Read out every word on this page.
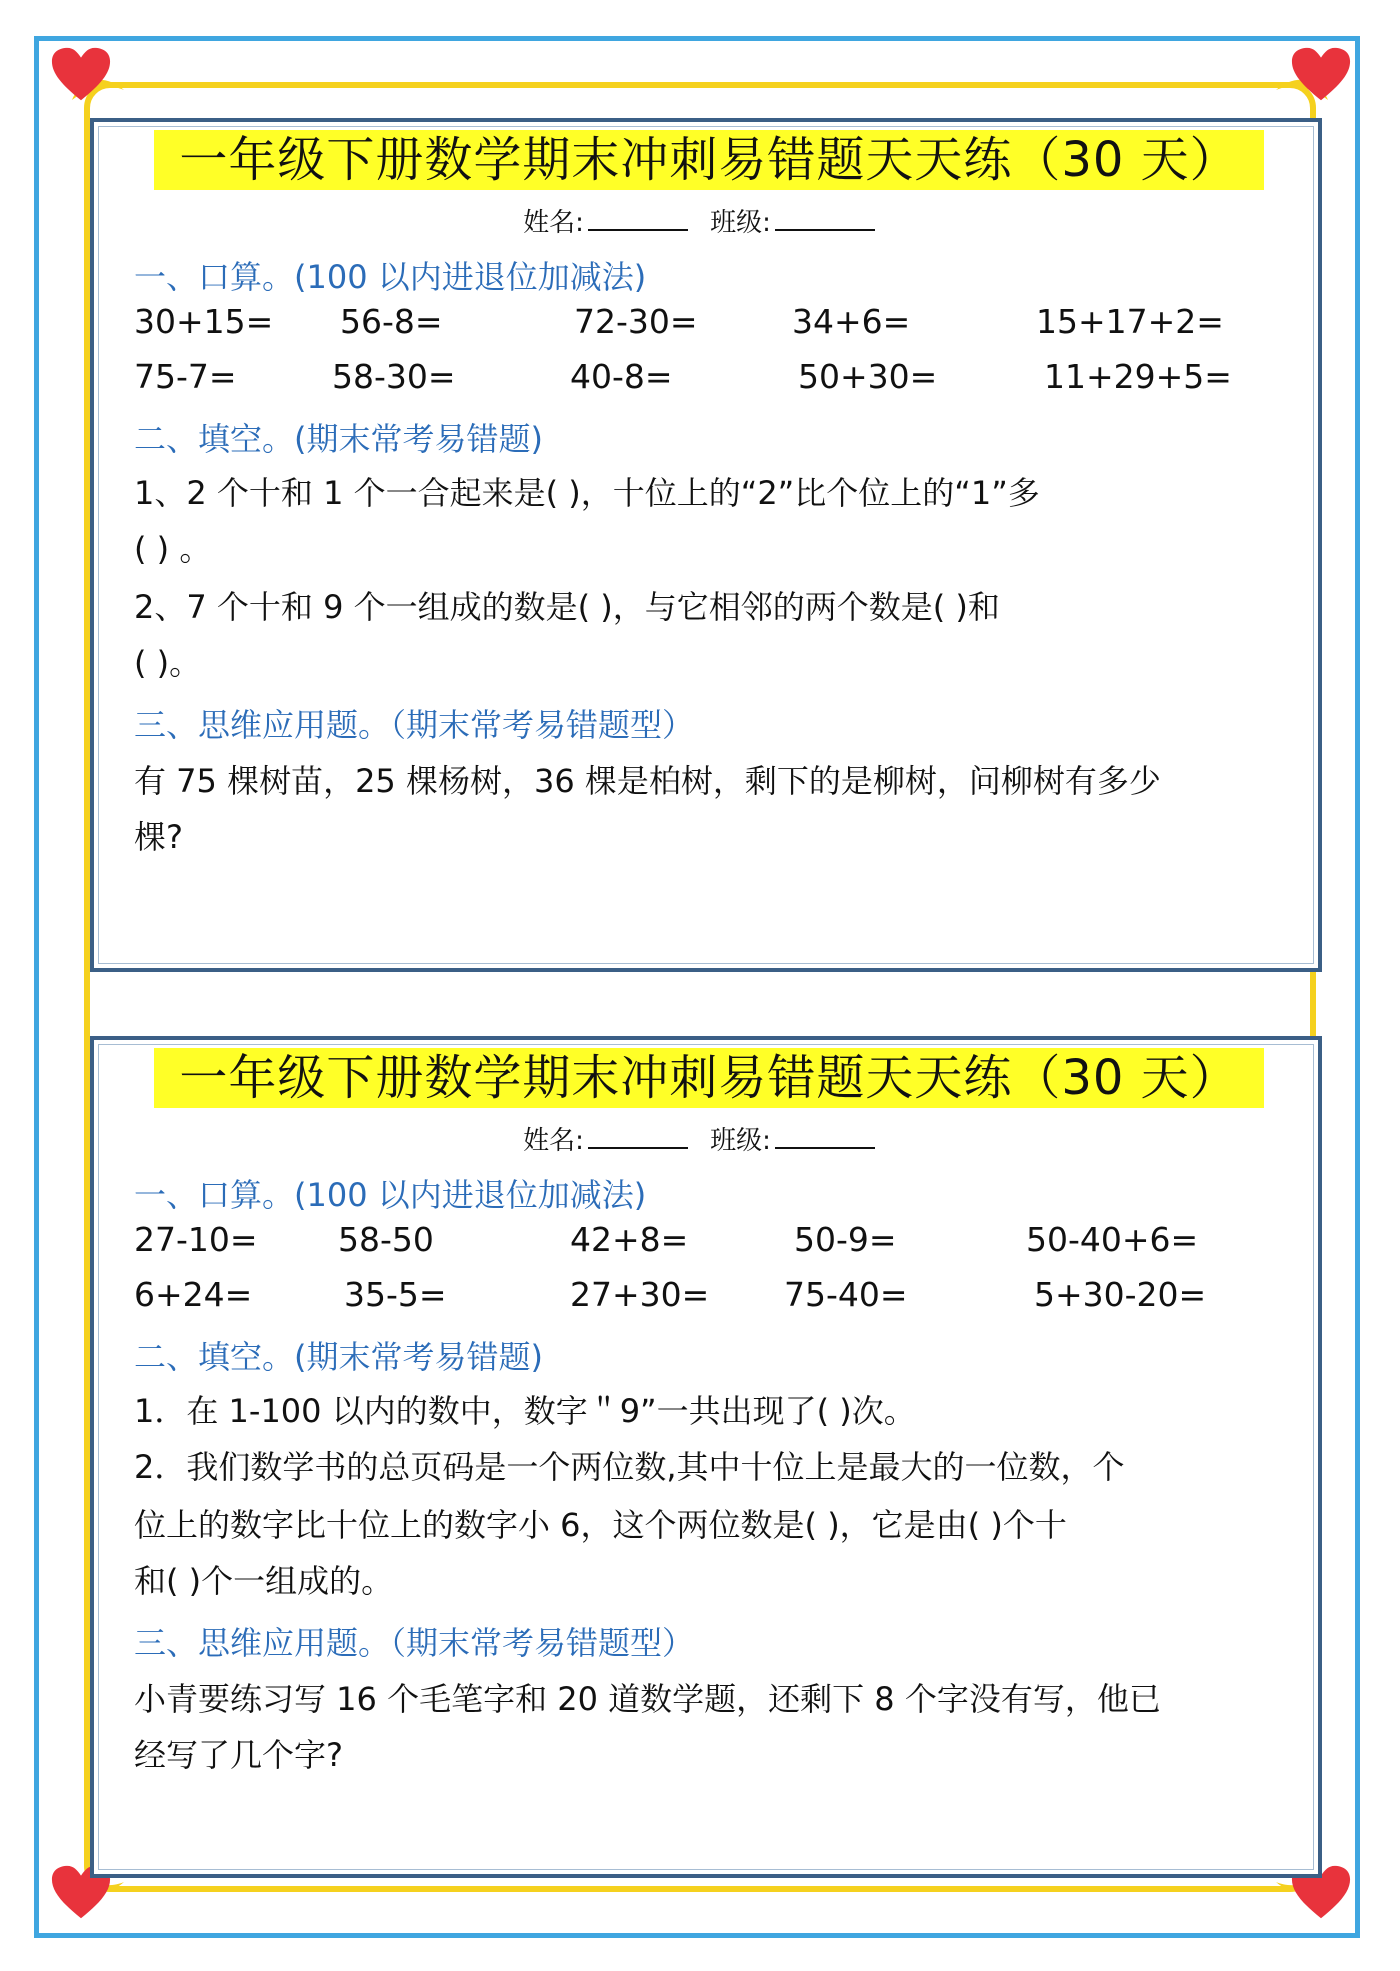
一年级下册数学期末冲刺易错题天天练（30 天）
姓名:	班级:
一、口算。(100 以内进退位加减法)
30+15= 56-8=	72-30=	34+6=	15+17+2=
75-7=	58-30=	40-8=	50+30=	11+29+5=
二、填空。(期末常考易错题)
1、2 个十和 1 个一合起来是( )，十位上的“2”比个位上的“1”多
( ) 。
2、7 个十和 9 个一组成的数是( )，与它相邻的两个数是( )和
( )。
三、思维应用题。（期末常考易错题型）
有 75 棵树苗，25 棵杨树，36 棵是柏树，剩下的是柳树，问柳树有多少
棵?
一年级下册数学期末冲刺易错题天天练（30 天）
姓名:	班级:
一、口算。(100 以内进退位加减法)
27-10= 58-50	42+8=	50-9=	50-40+6=
6+24=	35-5=	27+30= 75-40=	5+30-20=
二、填空。(期末常考易错题)
1．在 1-100 以内的数中，数字＂9”一共出现了( )次。
2．我们数学书的总页码是一个两位数,其中十位上是最大的一位数，个
位上的数字比十位上的数字小 6，这个两位数是( )，它是由( )个十
和( )个一组成的。
三、思维应用题。（期末常考易错题型）
小青要练习写 16 个毛笔字和 20 道数学题，还剩下 8 个字没有写，他已
经写了几个字?
